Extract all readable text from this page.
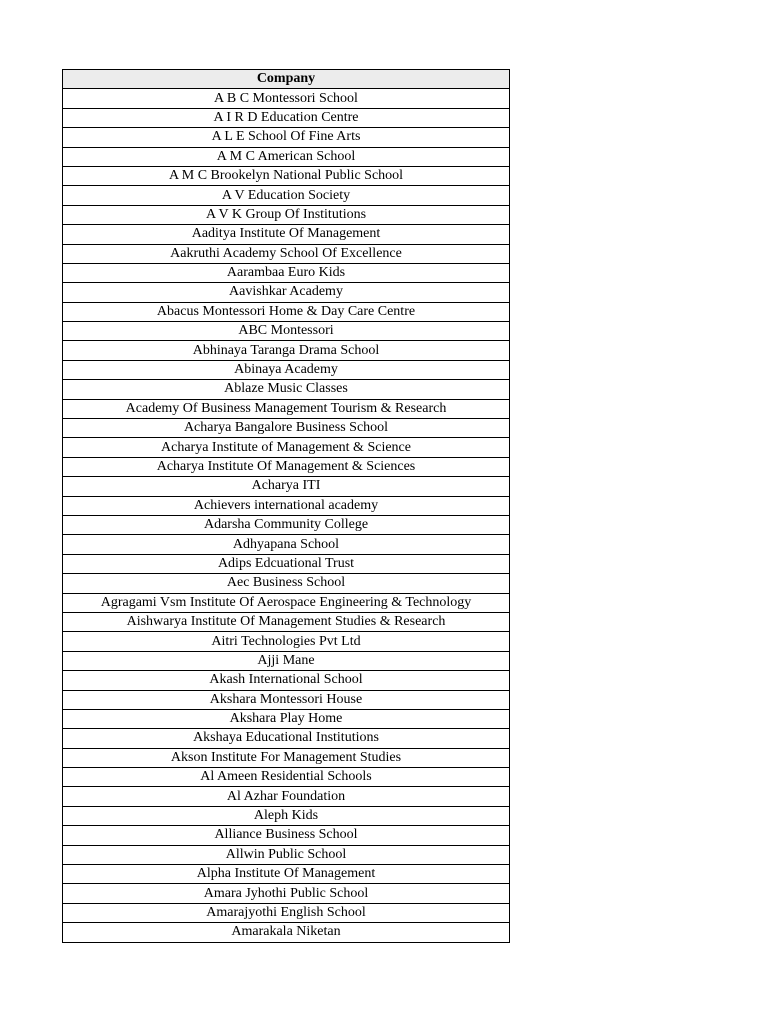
Company
A B C Montessori School
A I R D Education Centre
A L E School Of Fine Arts
A M C American School
A M C Brookelyn National Public School
A V Education Society
A V K Group Of Institutions
Aaditya Institute Of Management
Aakruthi Academy School Of Excellence
Aarambaa Euro Kids
Aavishkar Academy
Abacus Montessori Home & Day Care Centre
ABC Montessori
Abhinaya Taranga Drama School
Abinaya Academy
Ablaze Music Classes
Academy Of Business Management Tourism & Research
Acharya Bangalore Business School
Acharya Institute of Management & Science
Acharya Institute Of Management & Sciences
Acharya ITI
Achievers international academy
Adarsha Community College
Adhyapana School
Adips Edcuational Trust
Aec Business School
Agragami Vsm Institute Of Aerospace Engineering & Technology
Aishwarya Institute Of Management Studies & Research
Aitri Technologies Pvt Ltd
Ajji Mane
Akash International School
Akshara Montessori House
Akshara Play Home
Akshaya Educational Institutions
Akson Institute For Management Studies
Al Ameen Residential Schools
Al Azhar Foundation
Aleph Kids
Alliance Business School
Allwin Public School
Alpha Institute Of Management
Amara Jyhothi Public School
Amarajyothi English School
Amarakala Niketan
